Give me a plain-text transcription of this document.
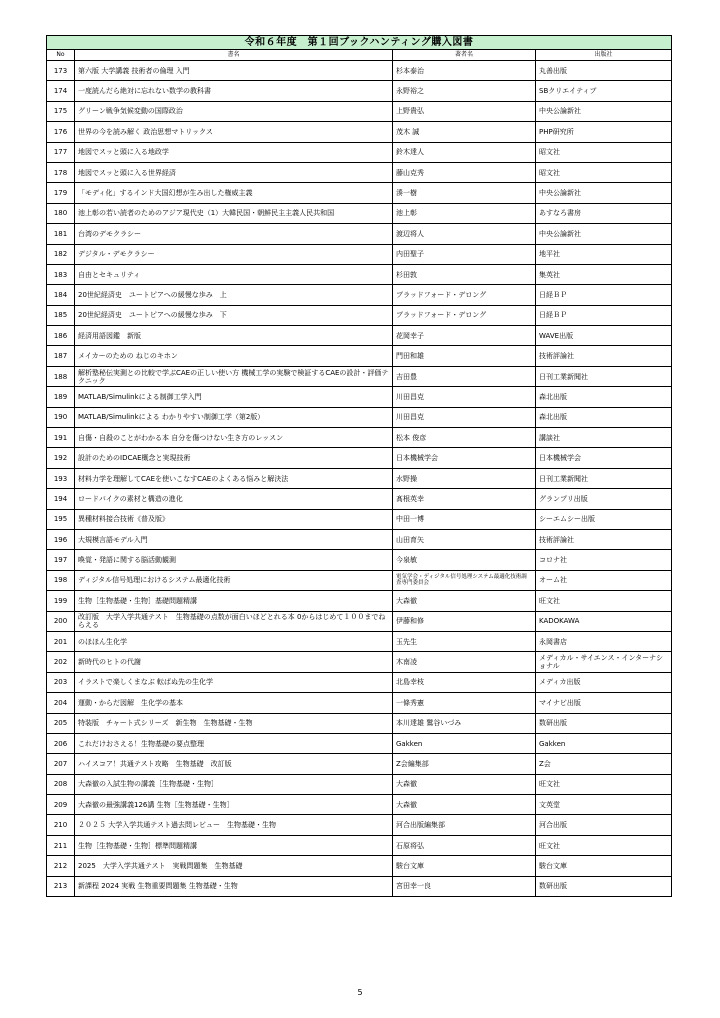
令和６年度　第１回ブックハンティング購入図書			
No	書名	著者名	出版社
173	第六版 大学講義 技術者の倫理 入門	杉本泰治	丸善出版
174	一度読んだら絶対に忘れない数学の教科書	永野裕之	SBクリエイティブ
175	グリーン戦争気候変動の国際政治	上野貴弘	中央公論新社
176	世界の今を読み解く 政治思想マトリックス	茂木 誠	PHP研究所
177	地図でスッと頭に入る地政学	鈴木達人	昭文社
178	地図でスッと頭に入る世界経済	藤山克秀	昭文社
179	「モディ化」するインド大国幻想が生み出した権威主義	湊一樹	中央公論新社
180	池上彰の若い読者のためのアジア現代史（1）大韓民国・朝鮮民主主義人民共和国	池上彰	あすなろ書房
181	台湾のデモクラシー	渡辺将人	中央公論新社
182	デジタル・デモクラシー	内田聖子	地平社
183	自由とセキュリティ	杉田敦	集英社
184	20世紀経済史　ユートピアへの緩慢な歩み　上	ブラッドフォード・デロング	日経ＢＰ
185	20世紀経済史　ユートピアへの緩慢な歩み　下	ブラッドフォード・デロング	日経ＢＰ
186	経済用語図鑑　新版	花岡幸子	WAVE出版
187	メイカーのための ねじのキホン	門田和雄	技術評論社
188	解析塾秘伝実測との比較で学ぶCAEの正しい使い方 機械工学の実験で検証するCAEの設計・評価テクニック	吉田豊	日刊工業新聞社
189	MATLAB/Simulinkによる制御工学入門	川田昌克	森北出版
190	MATLAB/Simulinkによる わかりやすい制御工学（第2版）	川田昌克	森北出版
191	自傷・自殺のことがわかる本 自分を傷つけない生き方のレッスン	松本 俊彦	講談社
192	設計のためのIDCAE概念と実現技術	日本機械学会	日本機械学会
193	材料力学を理解してCAEを使いこなすCAEのよくある悩みと解決法	水野操	日刊工業新聞社
194	ロードバイクの素材と構造の進化	髙根英幸	グランプリ出版
195	異種材料接合技術《普及版》	中田一博	シーエムシー出版
196	大規模言語モデル入門	山田育矢	技術評論社
197	喚覚・発語に関する脳活動観測	今泉敏	コロナ社
198	ディジタル信号処理におけるシステム最適化技術	電気学会・ディジタル信号処理システム最適化技術調査専門委員会	オーム社
199	生物［生物基礎・生物］基礎問題精講	大森徹	旺文社
200	改訂版　大学入学共通テスト　生物基礎の点数が面白いほどとれる本 0からはじめて１００までねらえる	伊藤和修	KADOKAWA
201	のほほん生化学	玉先生	永岡書店
202	新時代のヒトの代謝	木南凌	メディカル・サイエンス・インターナショナル
203	イラストで楽しくまなぶ 転ばぬ先の生化学	北島幸枝	メディカ出版
204	運動・からだ図解　生化学の基本	一條秀憲	マイナビ出版
205	特装版　チャート式シリーズ　新生物　生物基礎・生物	本川達雄 鷲谷いづみ	数研出版
206	これだけおさえる！生物基礎の要点整理	Gakken	Gakken
207	ハイスコア！共通テスト攻略　生物基礎　改訂版	Z会編集部	Z会
208	大森徹の入試生物の講義［生物基礎・生物］	大森徹	旺文社
209	大森徹の最強講義126講 生物［生物基礎・生物］	大森徹	文英堂
210	２０２５ 大学入学共通テスト過去問レビュー　生物基礎・生物	河合出版編集部	河合出版
211	生物［生物基礎・生物］標準問題精講	石原将弘	旺文社
212	2025　大学入学共通テスト　実戦問題集　生物基礎	駿台文庫	駿台文庫
213	新課程 2024 実戦 生物重要問題集 生物基礎・生物	宮田幸一良	数研出版
5
